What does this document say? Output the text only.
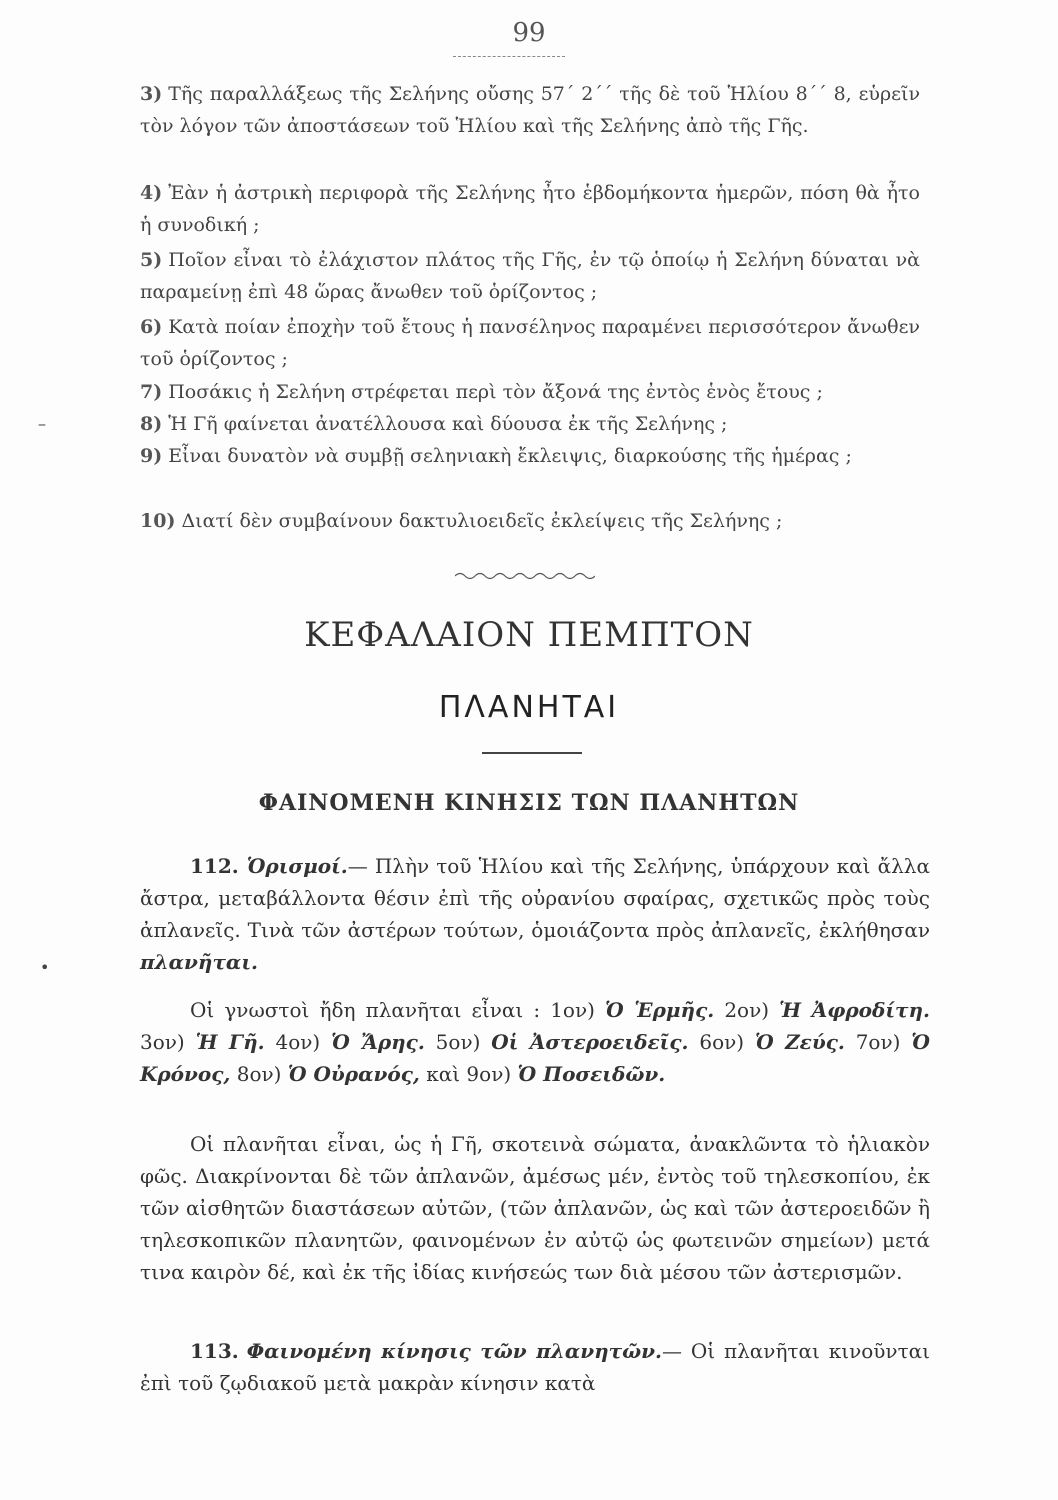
99
3) Τῆς παραλλάξεως τῆς Σελήνης οὔσης 57΄ 2΄΄ τῆς δὲ τοῦ Ἡλίου 8΄΄ 8, εὑρεῖν τὸν λόγον τῶν ἀποστάσεων τοῦ Ἡλίου καὶ τῆς Σελήνης ἀπὸ τῆς Γῆς.
4) Ἐὰν ἡ ἀστρικὴ περιφορὰ τῆς Σελήνης ἦτο ἑβδομήκοντα ἡμερῶν, πόση θὰ ἦτο ἡ συνοδική ;
5) Ποῖον εἶναι τὸ ἐλάχιστον πλάτος τῆς Γῆς, ἐν τῷ ὁποίῳ ἡ Σελήνη δύναται νὰ παραμείνῃ ἐπὶ 48 ὥρας ἄνωθεν τοῦ ὁρίζοντος ;
6) Κατὰ ποίαν ἐποχὴν τοῦ ἔτους ἡ πανσέληνος παραμένει περισσότερον ἄνωθεν τοῦ ὁρίζοντος ;
7) Ποσάκις ἡ Σελήνη στρέφεται περὶ τὸν ἄξονά της ἐντὸς ἑνὸς ἔτους ;
8) Ἡ Γῆ φαίνεται ἀνατέλλουσα καὶ δύουσα ἐκ τῆς Σελήνης ;
9) Εἶναι δυνατὸν νὰ συμβῇ σεληνιακὴ ἔκλειψις, διαρκούσης τῆς ἡμέρας ;
10) Διατί δὲν συμβαίνουν δακτυλιοειδεῖς ἐκλείψεις τῆς Σελήνης ;
ΚΕΦΑΛΑΙΟΝ ΠΕΜΠΤΟΝ
ΠΛΑΝΗΤΑΙ
ΦΑΙΝΟΜΕΝΗ ΚΙΝΗΣΙΣ ΤΩΝ ΠΛΑΝΗΤΩΝ
112. Ὁρισμοί.— Πλὴν τοῦ Ἡλίου καὶ τῆς Σελήνης, ὑπάρχουν καὶ ἄλλα ἄστρα, μεταβάλλοντα θέσιν ἐπὶ τῆς οὐρανίου σφαίρας, σχετικῶς πρὸς τοὺς ἀπλανεῖς. Τινὰ τῶν ἀστέρων τούτων, ὁμοιάζοντα πρὸς ἀπλανεῖς, ἐκλήθησαν πλανῆται.
Οἱ γνωστοὶ ἤδη πλανῆται εἶναι : 1ον) Ὁ Ἑρμῆς. 2ον) Ἡ Ἀφροδίτη. 3ον) Ἡ Γῆ. 4ον) Ὁ Ἄρης. 5ον) Οἱ Ἀστεροειδεῖς. 6ον) Ὁ Ζεύς. 7ον) Ὁ Κρόνος, 8ον) Ὁ Οὐρανός, καὶ 9ον) Ὁ Ποσειδῶν.
Οἱ πλανῆται εἶναι, ὡς ἡ Γῆ, σκοτεινὰ σώματα, ἀνακλῶντα τὸ ἡλιακὸν φῶς. Διακρίνονται δὲ τῶν ἀπλανῶν, ἀμέσως μέν, ἐντὸς τοῦ τηλεσκοπίου, ἐκ τῶν αἰσθητῶν διαστάσεων αὐτῶν, (τῶν ἀπλανῶν, ὡς καὶ τῶν ἀστεροειδῶν ἢ τηλεσκοπικῶν πλανητῶν, φαινομένων ἐν αὐτῷ ὡς φωτεινῶν σημείων) μετά τινα καιρὸν δέ, καὶ ἐκ τῆς ἰδίας κινήσεώς των διὰ μέσου τῶν ἀστερισμῶν.
113. Φαινομένη κίνησις τῶν πλανητῶν.— Οἱ πλανῆται κινοῦνται ἐπὶ τοῦ ζῳδιακοῦ μετὰ μακρὰν κίνησιν κατὰ
–
•
